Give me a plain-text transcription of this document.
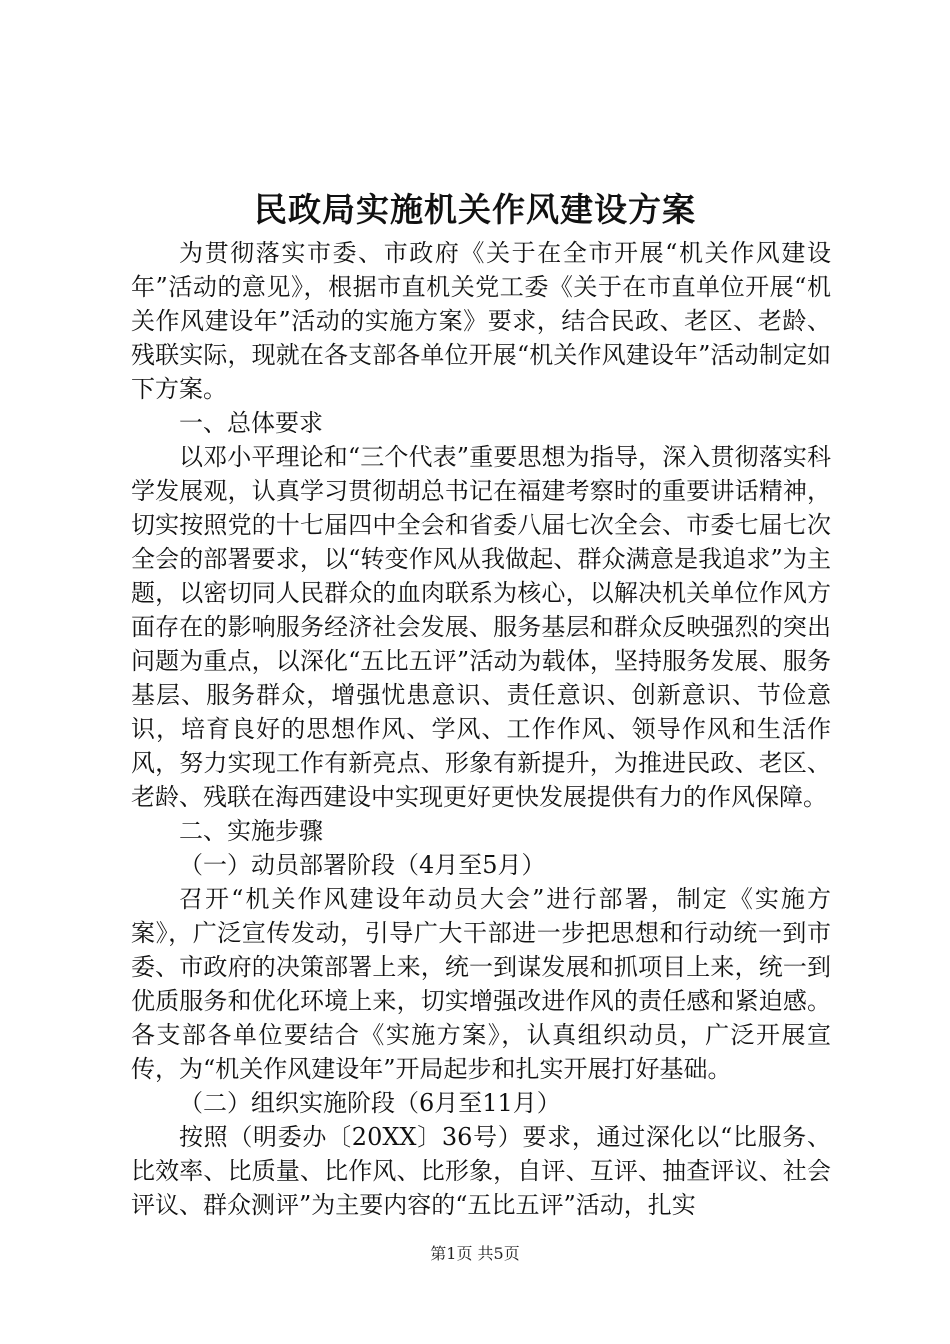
民政局实施机关作风建设方案

为贯彻落实市委、市政府《关于在全市开展“机关作风建设年”活动的意见》，根据市直机关党工委《关于在市直单位开展“机关作风建设年”活动的实施方案》要求，结合民政、老区、老龄、残联实际，现就在各支部各单位开展“机关作风建设年”活动制定如下方案。

一、总体要求

以邓小平理论和“三个代表”重要思想为指导，深入贯彻落实科学发展观，认真学习贯彻胡总书记在福建考察时的重要讲话精神，切实按照党的十七届四中全会和省委八届七次全会、市委七届七次全会的部署要求，以“转变作风从我做起、群众满意是我追求”为主题，以密切同人民群众的血肉联系为核心，以解决机关单位作风方面存在的影响服务经济社会发展、服务基层和群众反映强烈的突出问题为重点，以深化“五比五评”活动为载体，坚持服务发展、服务基层、服务群众，增强忧患意识、责任意识、创新意识、节俭意识，培育良好的思想作风、学风、工作作风、领导作风和生活作风，努力实现工作有新亮点、形象有新提升，为推进民政、老区、老龄、残联在海西建设中实现更好更快发展提供有力的作风保障。

二、实施步骤

（一）动员部署阶段（4月至5月）

召开“机关作风建设年动员大会”进行部署，制定《实施方案》，广泛宣传发动，引导广大干部进一步把思想和行动统一到市委、市政府的决策部署上来，统一到谋发展和抓项目上来，统一到优质服务和优化环境上来，切实增强改进作风的责任感和紧迫感。各支部各单位要结合《实施方案》，认真组织动员，广泛开展宣传，为“机关作风建设年”开局起步和扎实开展打好基础。

（二）组织实施阶段（6月至11月）

按照（明委办〔20XX〕36号）要求，通过深化以“比服务、比效率、比质量、比作风、比形象，自评、互评、抽查评议、社会评议、群众测评”为主要内容的“五比五评”活动，扎实

第1页 共5页
